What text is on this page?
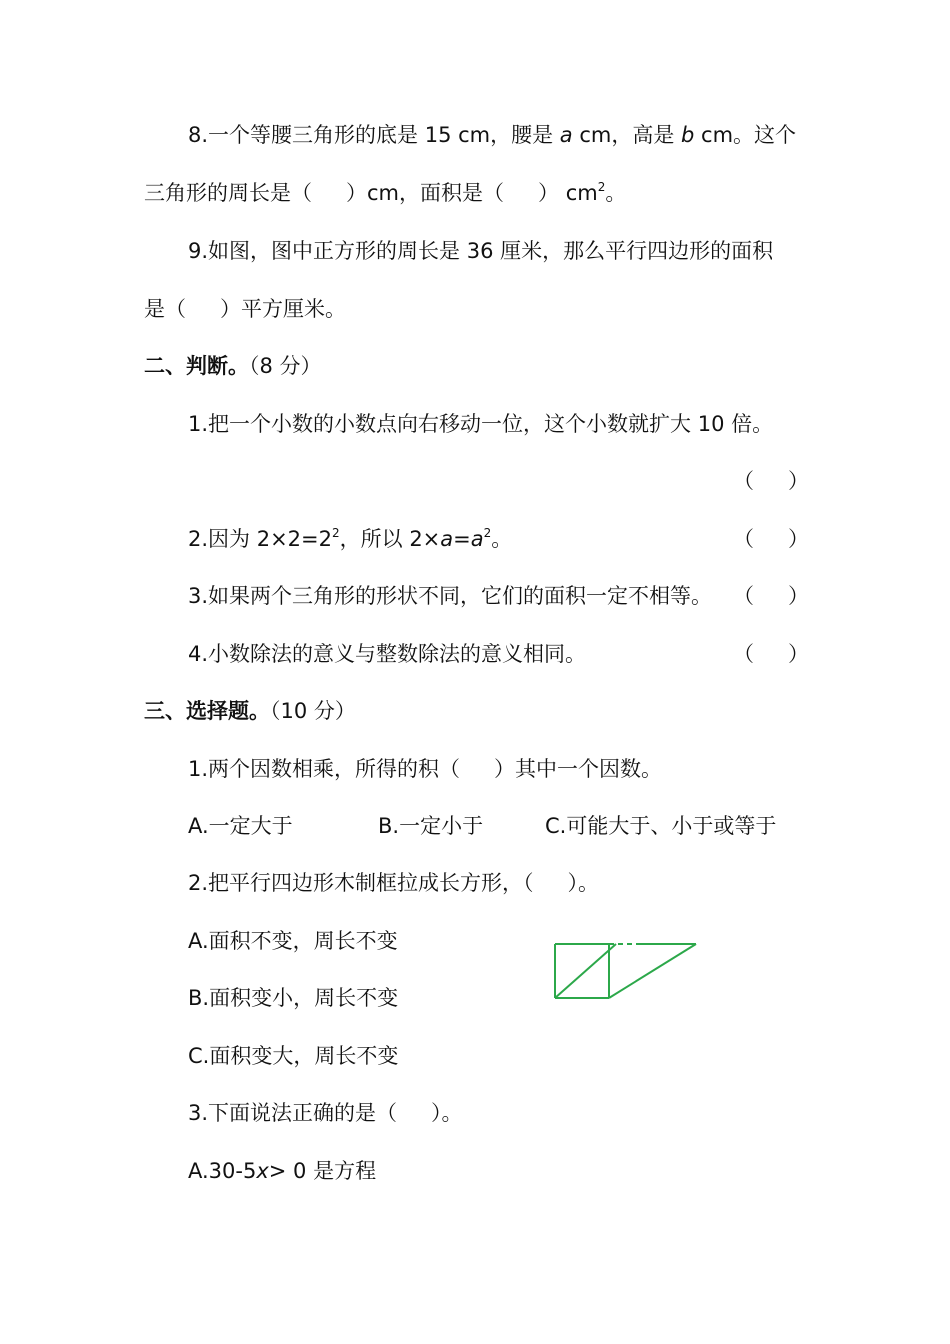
8.一个等腰三角形的底是 15 cm，腰是 a cm，高是 b cm。这个
三角形的周长是（ ）cm，面积是（ ） $cm^2$。
9.如图，图中正方形的周长是 36 厘米，那么平行四边形的面积
是（ ）平方厘米。
二、判断。（8 分）
1.把一个小数的小数点向右移动一位，这个小数就扩大 10 倍。
（ ）
2.因为 $2\times 2=2^2$，所以 $2\times a=a^2$。	（ ）
3.如果两个三角形的形状不同，它们的面积一定不相等。 （ ）
4.小数除法的意义与整数除法的意义相同。	（ ）
三、选择题。（10 分）
1.两个因数相乘，所得的积（ ）其中一个因数。
A.一定大于	B.一定小于	C.可能大于、小于或等于
2.把平行四边形木制框拉成长方形，（ ）。
A.面积不变，周长不变
B.面积变小，周长不变
C.面积变大，周长不变
3.下面说法正确的是（ ）。
A.30-5x> 0 是方程
